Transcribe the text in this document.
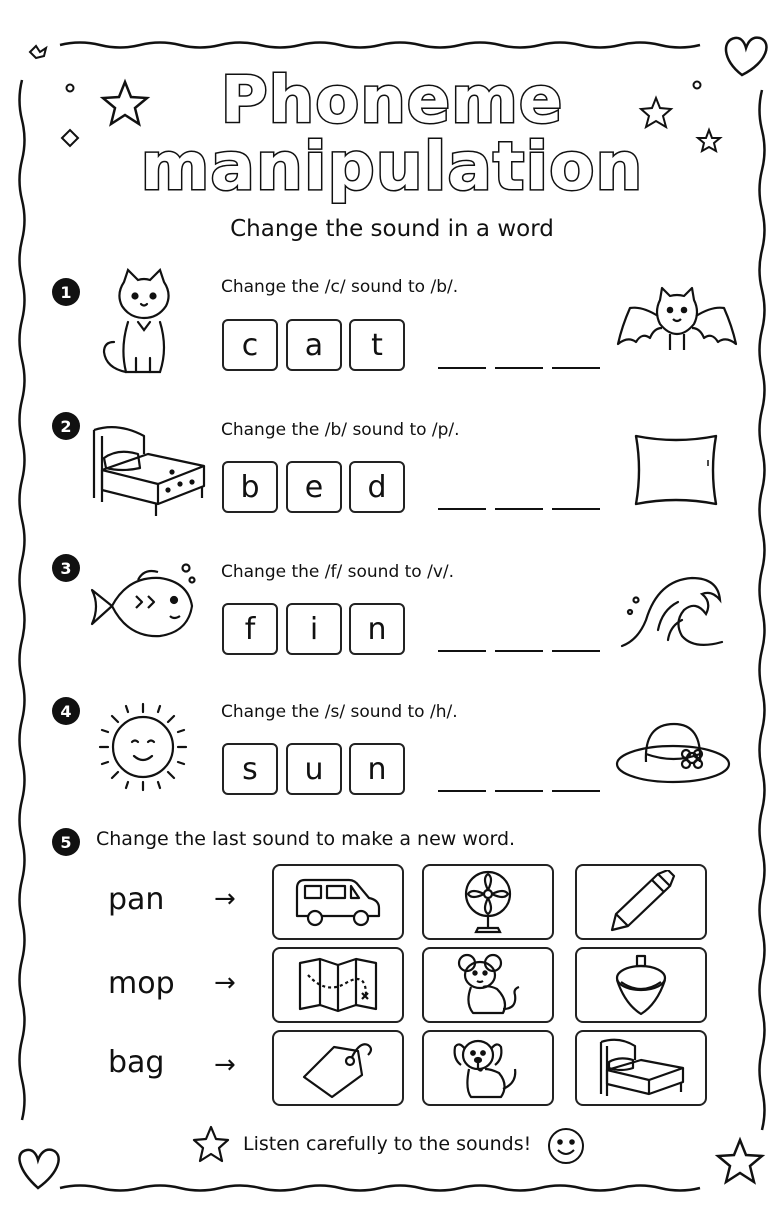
Phoneme
manipulation
Change the sound in a word
1	Change the /c/ sound to /b/.
c	a	t
2	Change the /b/ sound to /p/.
b	e	d
3	Change the /f/ sound to /v/.
f	i	n
4	Change the /s/ sound to /h/.
s	u	n
5	Change the last sound to make a new word.
pan →
mop →
bag →
Listen carefully to the sounds!
